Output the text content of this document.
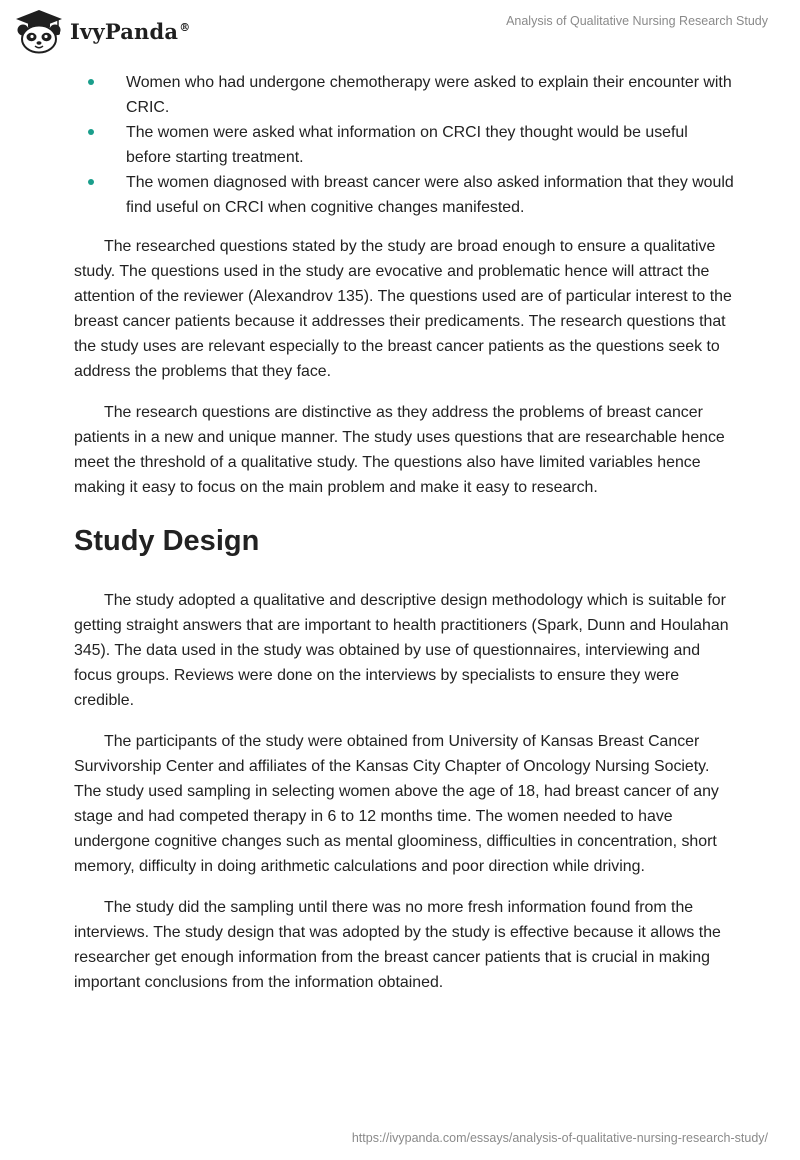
IvyPanda®	Analysis of Qualitative Nursing Research Study
Women who had undergone chemotherapy were asked to explain their encounter with CRIC.
The women were asked what information on CRCI they thought would be useful before starting treatment.
The women diagnosed with breast cancer were also asked information that they would find useful on CRCI when cognitive changes manifested.

The researched questions stated by the study are broad enough to ensure a qualitative study. The questions used in the study are evocative and problematic hence will attract the attention of the reviewer (Alexandrov 135). The questions used are of particular interest to the breast cancer patients because it addresses their predicaments. The research questions that the study uses are relevant especially to the breast cancer patients as the questions seek to address the problems that they face.

The research questions are distinctive as they address the problems of breast cancer patients in a new and unique manner. The study uses questions that are researchable hence meet the threshold of a qualitative study. The questions also have limited variables hence making it easy to focus on the main problem and make it easy to research.

Study Design

The study adopted a qualitative and descriptive design methodology which is suitable for getting straight answers that are important to health practitioners (Spark, Dunn and Houlahan 345). The data used in the study was obtained by use of questionnaires, interviewing and focus groups. Reviews were done on the interviews by specialists to ensure they were credible.

The participants of the study were obtained from University of Kansas Breast Cancer Survivorship Center and affiliates of the Kansas City Chapter of Oncology Nursing Society. The study used sampling in selecting women above the age of 18, had breast cancer of any stage and had competed therapy in 6 to 12 months time. The women needed to have undergone cognitive changes such as mental gloominess, difficulties in concentration, short memory, difficulty in doing arithmetic calculations and poor direction while driving.

The study did the sampling until there was no more fresh information found from the interviews. The study design that was adopted by the study is effective because it allows the researcher get enough information from the breast cancer patients that is crucial in making important conclusions from the information obtained.

https://ivypanda.com/essays/analysis-of-qualitative-nursing-research-study/
